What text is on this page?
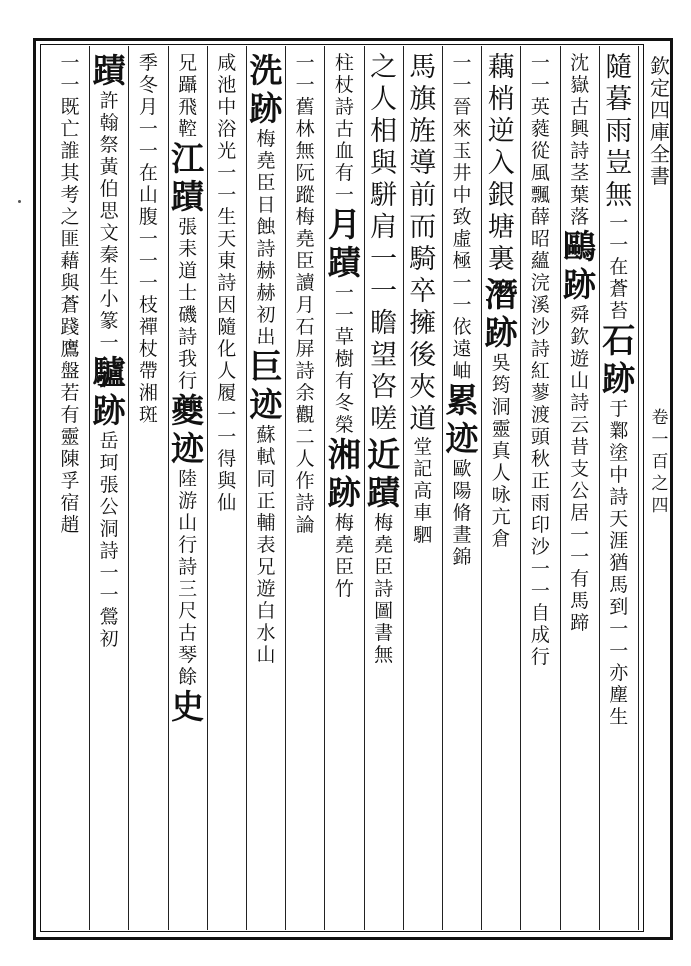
欽
定
四
庫
全
書
卷
一
百
之
四
隨
暮
雨
豈
無
一
一
在
蒼
苔
石
跡
于
鄴
塗
中
詩
天
涯
猶
馬
到
一
一
亦
塵
生
沈
嶽
古
興
詩
茎
葉
落
鷗
跡
舜
欽
遊
山
詩
云
昔
支
公
居
一
一
有
馬
蹄
一
一
英
蕤
從
風
飄
薛
昭
蘊
浣
溪
沙
詩
紅
蓼
渡
頭
秋
正
雨
印
沙
一
一
自
成
行
藕
梢
逆
入
銀
塘
裏
潛
跡
吳
筠
洞
靈
真
人
咏
亢
倉
一
一
晉
來
玉
井
中
致
虛
極
一
一
依
遠
岫
累
迹
歐
陽
脩
晝
錦
馬
旗
旌
導
前
而
騎
卒
擁
後
夾
道
堂
記
高
車
駟
之
人
相
與
駢
肩
一
一
瞻
望
咨
嗟
近
蹟
梅
堯
臣
詩
圖
書
無
柱
杖
詩
古
血
有
一
月
蹟
一
一
草
樹
有
冬
榮
湘
跡
梅
堯
臣
竹
一
一
舊
林
無
阮
蹤
梅
堯
臣
讀
月
石
屏
詩
余
觀
二
人
作
詩
論
洗
跡
梅
堯
臣
日
蝕
詩
赫
赫
初
出
巨
迹
蘇
軾
同
正
輔
表
兄
遊
白
水
山
咸
池
中
浴
光
一
一
生
天
東
詩
因
隨
化
人
履
一
一
得
與
仙
兄
躡
飛
鞚
江
蹟
張
耒
道
士
磯
詩
我
行
夔
迹
陸
游
山
行
詩
三
尺
古
琴
餘
史
季
冬
月
一
一
在
山
腹
一
一
一
枝
禪
杖
帶
湘
斑
蹟
許
翰
祭
黃
伯
思
文
秦
生
小
篆
一
驢
跡
岳
珂
張
公
洞
詩
一
一
鶯
初
一
一
既
亡
誰
其
考
之
匪
藉
與
蒼
踐
鷹
盤
若
有
靈
陳
孚
宿
趙
